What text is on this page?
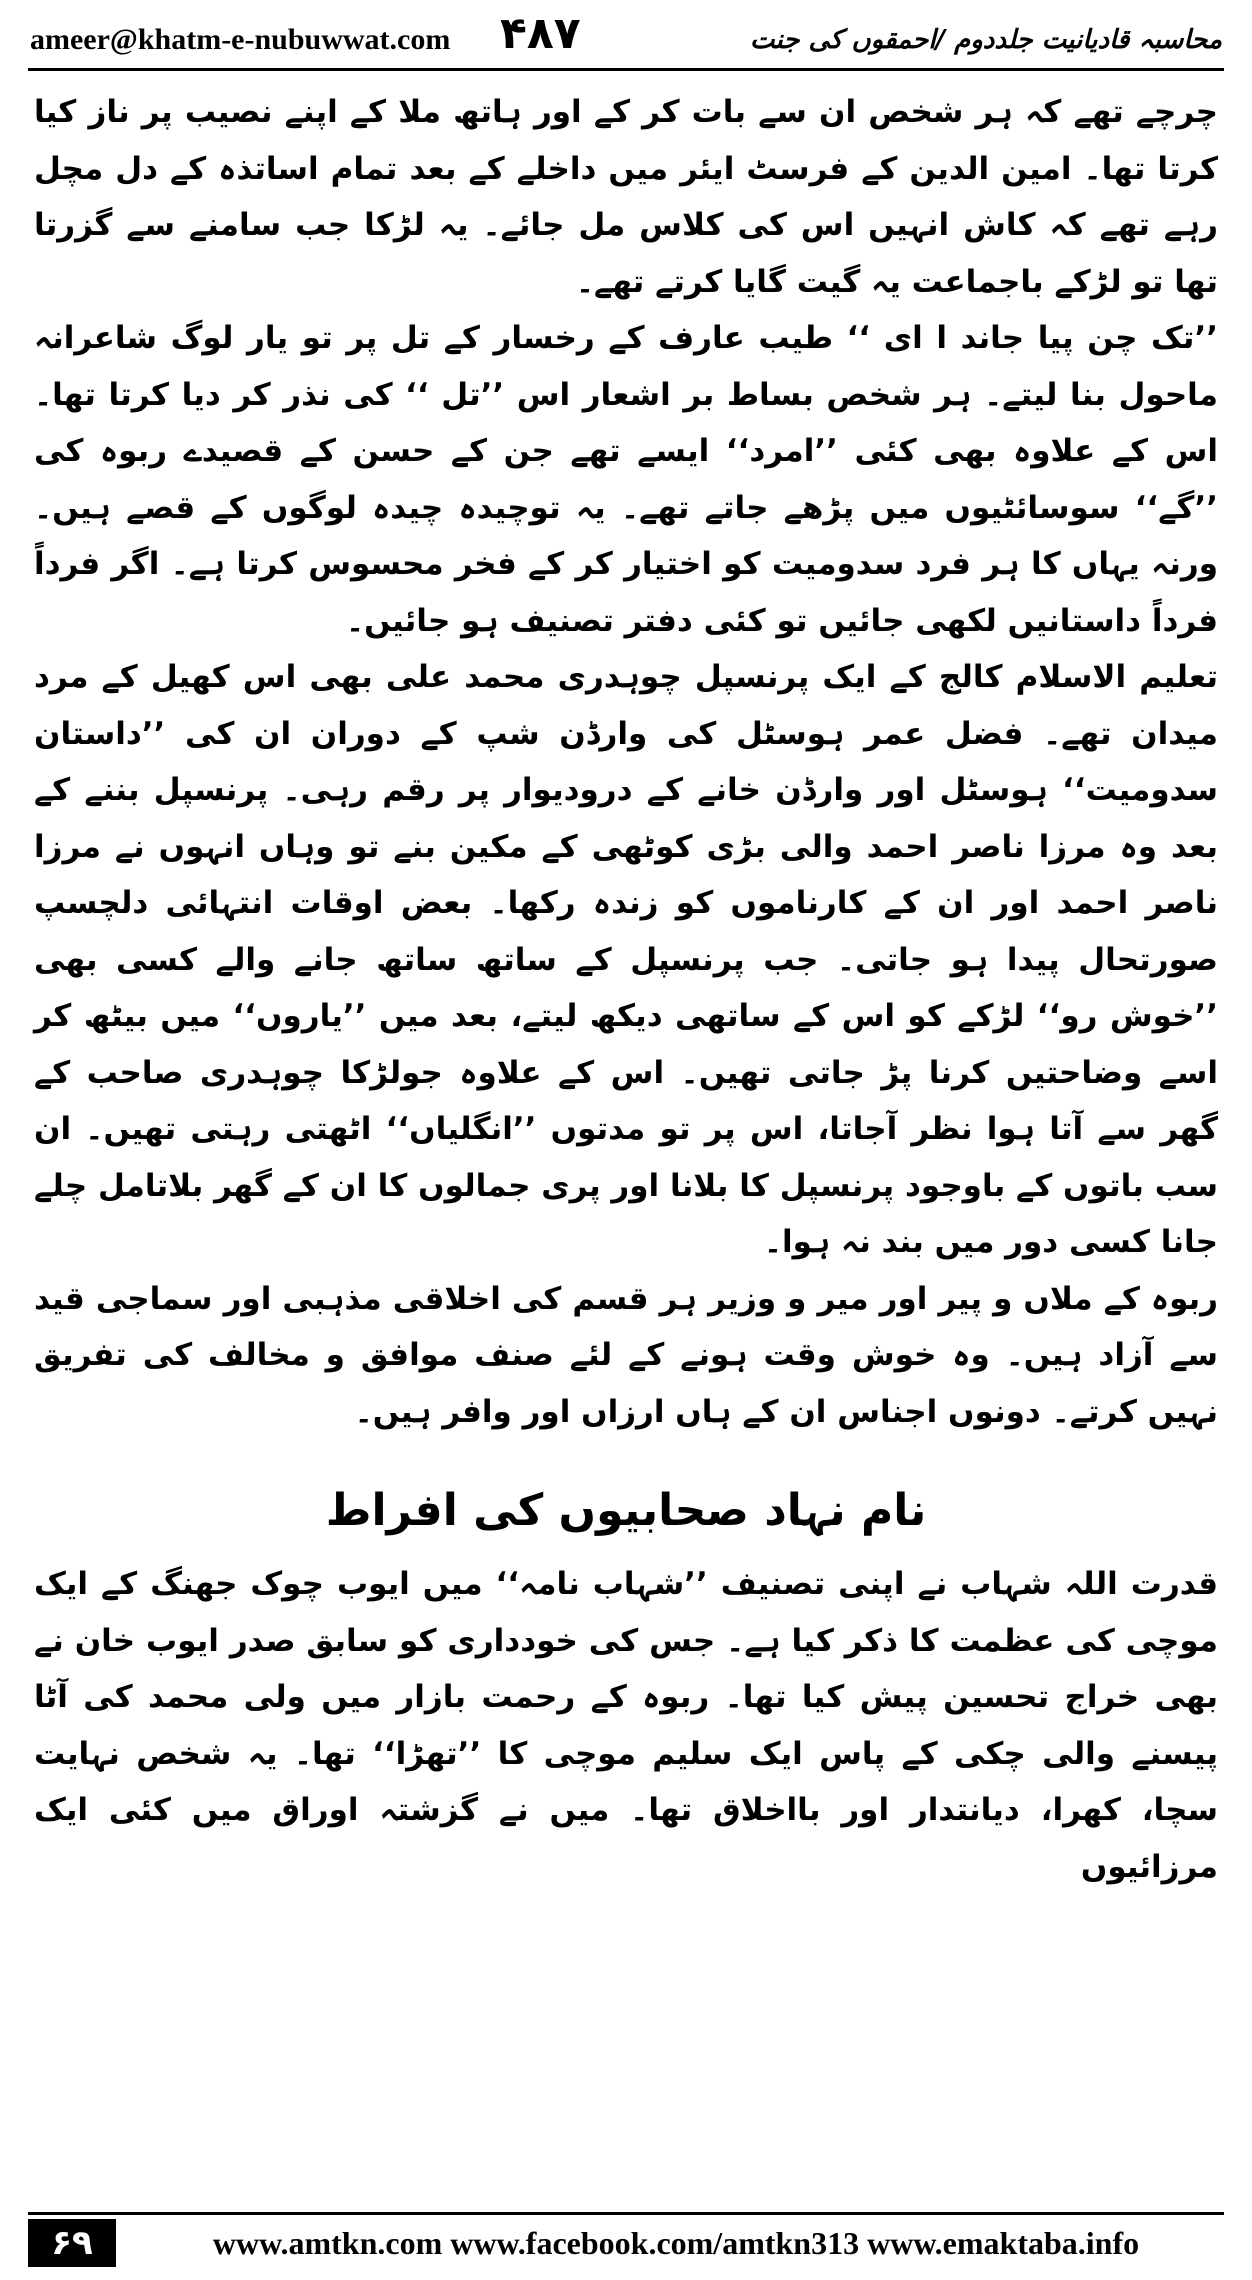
ameer@khatm-e-nubuwwat.com ۴۸۷	محاسبہ قادیانیت جلددوم /احمقوں کی جنت

چرچے تھے کہ ہر شخص ان سے بات کر کے اور ہاتھ ملا کے اپنے نصیب پر ناز کیا کرتا تھا۔ امین الدین کے فرسٹ ایئر میں داخلے کے بعد تمام اساتذہ کے دل مچل رہے تھے کہ کاش انہیں اس کی کلاس مل جائے۔ یہ لڑکا جب سامنے سے گزرتا تھا تو لڑکے باجماعت یہ گیت گایا کرتے تھے۔

’’تک چن پیا جاند ا ای ‘‘ طیب عارف کے رخسار کے تل پر تو یار لوگ شاعرانہ ماحول بنا لیتے۔ ہر شخص بساط بر اشعار اس ’’تل ‘‘ کی نذر کر دیا کرتا تھا۔ اس کے علاوہ بھی کئی ’’امرد‘‘ ایسے تھے جن کے حسن کے قصیدے ربوہ کی ’’گے‘‘ سوسائٹیوں میں پڑھے جاتے تھے۔ یہ توچیدہ چیدہ لوگوں کے قصے ہیں۔ ورنہ یہاں کا ہر فرد سدومیت کو اختیار کر کے فخر محسوس کرتا ہے۔ اگر فرداً فرداً داستانیں لکھی جائیں تو کئی دفتر تصنیف ہو جائیں۔

تعلیم الاسلام کالج کے ایک پرنسپل چوہدری محمد علی بھی اس کھیل کے مرد میدان تھے۔ فضل عمر ہوسٹل کی وارڈن شپ کے دوران ان کی ’’داستان سدومیت‘‘ ہوسٹل اور وارڈن خانے کے درودیوار پر رقم رہی۔ پرنسپل بننے کے بعد وہ مرزا ناصر احمد والی بڑی کوٹھی کے مکین بنے تو وہاں انہوں نے مرزا ناصر احمد اور ان کے کارناموں کو زندہ رکھا۔ بعض اوقات انتہائی دلچسپ صورتحال پیدا ہو جاتی۔ جب پرنسپل کے ساتھ ساتھ جانے والے کسی بھی ’’خوش رو‘‘ لڑکے کو اس کے ساتھی دیکھ لیتے، بعد میں ’’یاروں‘‘ میں بیٹھ کر اسے وضاحتیں کرنا پڑ جاتی تھیں۔ اس کے علاوہ جولڑکا چوہدری صاحب کے گھر سے آتا ہوا نظر آجاتا، اس پر تو مدتوں ’’انگلیاں‘‘ اٹھتی رہتی تھیں۔ ان سب باتوں کے باوجود پرنسپل کا بلانا اور پری جمالوں کا ان کے گھر بلاتامل چلے جانا کسی دور میں بند نہ ہوا۔

ربوہ کے ملاں و پیر اور میر و وزیر ہر قسم کی اخلاقی مذہبی اور سماجی قید سے آزاد ہیں۔ وہ خوش وقت ہونے کے لئے صنف موافق و مخالف کی تفریق نہیں کرتے۔ دونوں اجناس ان کے ہاں ارزاں اور وافر ہیں۔

نام نہاد صحابیوں کی افراط

قدرت اللہ شہاب نے اپنی تصنیف ’’شہاب نامہ‘‘ میں ایوب چوک جھنگ کے ایک موچی کی عظمت کا ذکر کیا ہے۔ جس کی خودداری کو سابق صدر ایوب خان نے بھی خراج تحسین پیش کیا تھا۔ ربوہ کے رحمت بازار میں ولی محمد کی آٹا پیسنے والی چکی کے پاس ایک سلیم موچی کا ’’تھڑا‘‘ تھا۔ یہ شخص نہایت سچا، کھرا، دیانتدار اور بااخلاق تھا۔ میں نے گزشتہ اوراق میں کئی ایک مرزائیوں

۶۹	www.amtkn.com www.facebook.com/amtkn313 www.emaktaba.info
